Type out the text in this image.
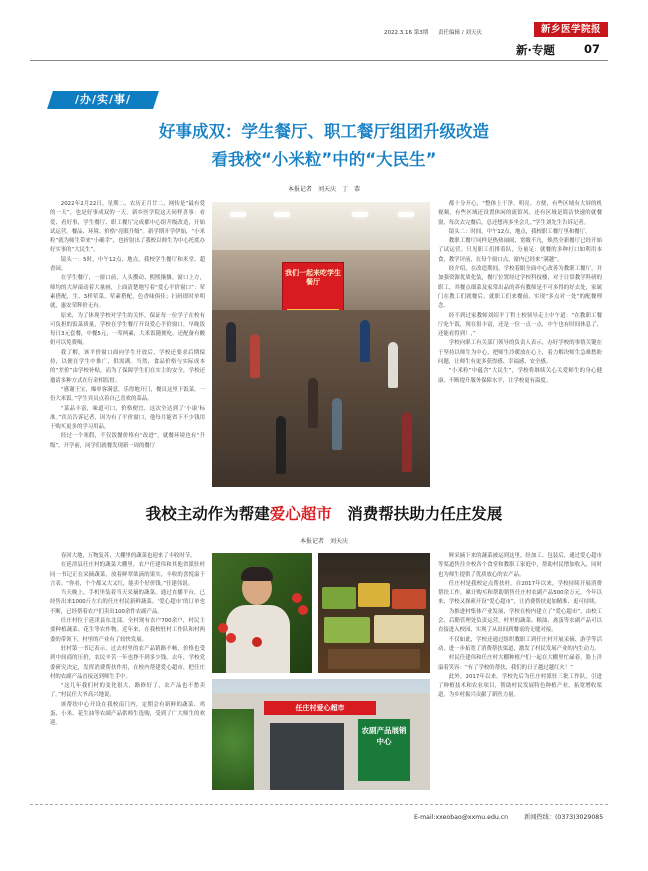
2022.3.16 第3期 责任编辑 / 刘天庆	新乡医学院报
新·专题	07
/办/实/事/
好事成双：学生餐厅、职工餐厅组团升级改造
看我校“小米粒”中的“大民生”
本报记者　刘天庆　丁　恭

2022年2月22日，星期二，农历正月廿二，网传是“最有爱的一天”，也是好事成双的一天。新乡医学院这天同样喜事：看爱、看好事，学生餐厅、职工餐厅完成都中心组升级改造，开始试运营。餐品、环境、价格“亮眼升级”。新学期开学伊始，“小米粒”就为师生带来“小确幸”，也折射出了我校以师生为中心托底办好实事的“大民生”。

镜头一：5时，中午12点，地点，我校学生餐厅和米堂、超香园。

在学生餐厅，一窗口前，人头攒动、熙熙攘攘。窗口上方，师均的大屏滚动着大量画，上面清楚地写着“爱心平价窗口”：荤素搭配，生、3样荤菜、荤素搭配，色香味俱佳；扫码即时单明就，惠安荣辉价无有。

原来，为了体现学校对学生的关怀，保证每一位学子在校有可负担的饭菜质量，学校在学生餐厅开设爱心平价窗口，早晚饭每日3元套餐，中餐5元，一荤两素，大米饭随便吃，还配备有酸奶可以免费喝。

我了解，该平价窗口面向学生开放后，学校还要求后期保持，以便在学生中推广，供需满。当然，食品价格与实际成本的“差价”由学校补贴。而为了保障学生们在实主的安全，学校还邀请多种方式在行金相监督。

“感谢王宝，爆单客满意，乐得地开门，餐员这里下饭菜，一份大米饭。”学生宾员点着自己喜欢的菜品。

“菜品丰富，味道可口，价格便宜，这次全达到了‘小康’标准。”宾员告诉记者，因为有了平价窗口，他每月能省下不少钱用于购买更多的学习用品。

经过一个寒假，不仅饭餐价格有“改进”，就餐环境也有“升级”，开学前，同学们就餐发现新一周的餐厅

我们一起来吃学生餐厅

都十分开心，“整体上干净、明亮、方便，有些区域有大屏的机视频，有些区域还设置休闲的流馆风。还有区域是简洁快速的就餐窗，每次去完餐后，总还想再多坐会儿。”学生刘先生告诉记者。

镜头二：时间，中午12点，地点，我校职工餐厅里和餐厅。

教职工餐厅同样是热热闹闹，宽敞不凡，焕然全新餐厅已经开始了试运营。只见职工们排着队，分量足：就餐的多种打口如利用本食，教学评前，在每个窗口点，窗内已经来“满越”。

经介绍，在改造期间，学校着眼全面中心改善为教职工餐厅，并加强资源优质化装，餐厅位置经过学校科技楼，对于日常教学科研的职工，其餐点细菜及家常出品的养有教师是不可多得的好去处，家属门在教工们就餐后，就职工们来餐前，实现“多点对一处”的配餐理念。

经不到过家教师刘绍平丁哲士校领导走上中午道：“在教职工餐厅吃午饭，现在很丰富，还是一位一点一点，中午也有时间休息了，还能看得到！，”

学校向职工有关部门领导的负责人表示，办好学校的事情关键在于坚持以师生为中心，把师生冷暖放在心上，着力解决师生急难愁盼问题，让师生有更多获得感、幸福感、安全感。

“小米粒”中蕴含“大民生”，学校将继续关心关爱师生的身心健康，不断提升服务保障水平，让学校更有温度。

我校主动作为帮建爱心超市　消费帮扶助力任庄发展
本报记者　刘天庆

春回大地，万物复苏，大棚里的蔬菜也迎来了丰收时节。

在延津县任庄村的蔬菜大棚里，农户任建伟和其他省派驻村同一书记正在采摘蔬菜，放着鲜翠欲滴的果实，丰收的喜悦溢于言表。“你看，个个都又大又红，能卖个好价钱。”任建伟说。

当天晚上，手机里装着当天采摘的蔬菜，通过直播平台，已经售出来1000斤左右的任庄村民新鲜蔬菜。‘爱心超市’的订单也不断，已经帮着农户们卖出100余件农副产品。

任庄村位于延津县东北部，全村现有农户700余户，村民主要种植蔬菜、花生等农作物。近年来，在我校驻村工作队和村两委的带领下，村里的产业有了较快发展。

驻村第一书记表示，过去村里的农产品销路不畅，价格也受到中间商的压价，农民辛苦一年也挣不到多少钱。去年，学校党委研究决定，发挥消费帮扶作用，在校内帮建爱心超市，把任庄村的农副产品直接送到师生手中。

“这几年我们村的变化很大，路修好了，农产品也不愁卖了。”村民任大爷高兴地说。

该帮扶中心开设在我校南门内，定期会有新鲜的蔬菜、鸡蛋、小米、花生油等农副产品供师生选购，受到了广大师生的欢迎。

任庄村爱心超市
农副产品展销中心

鲜采摘下来的蔬菜被运到这里，经加工、包装后，通过爱心超市等渠道售往全校各个食堂和教职工家庭中，帮助村民增加收入，同时也为师生提供了优质放心的农产品。

任庄村是我校定点帮扶村，自2017年以来，学校持续开展消费帮扶工作，累计购买和帮助销售任庄村农副产品500余万元。今年以来，学校又探索开设“爱心超市”，让消费帮扶更加精准、更可持续。

为推进村集体产业发展，学校在校内建立了“爱心超市”，由校工会、后勤管理处负责运营，村里的蔬菜、粮油、禽蛋等农副产品可以直接进入校园，实现了从田间到餐桌的无缝对接。

不仅如此，学校还通过组织教职工到任庄村开展采摘、游学等活动，进一步拓宽了消费帮扶渠道，激发了村民发展产业的内生动力。

村民任建伟和任庄村大棚种植户们一起在大棚里忙碌着，脸上洋溢着笑容：“有了学校的帮扶，我们的日子越过越红火！”

此外，2017年以来，学校先后为任庄村派驻三批工作队，引进了种植技术和农业项目，帮助村民发展特色种植产业，拓宽增收渠道，为乡村振兴贡献了新医力量。

E-mail:xxeobao@xxmu.edu.cn	新闻热线：(0373)3029085
